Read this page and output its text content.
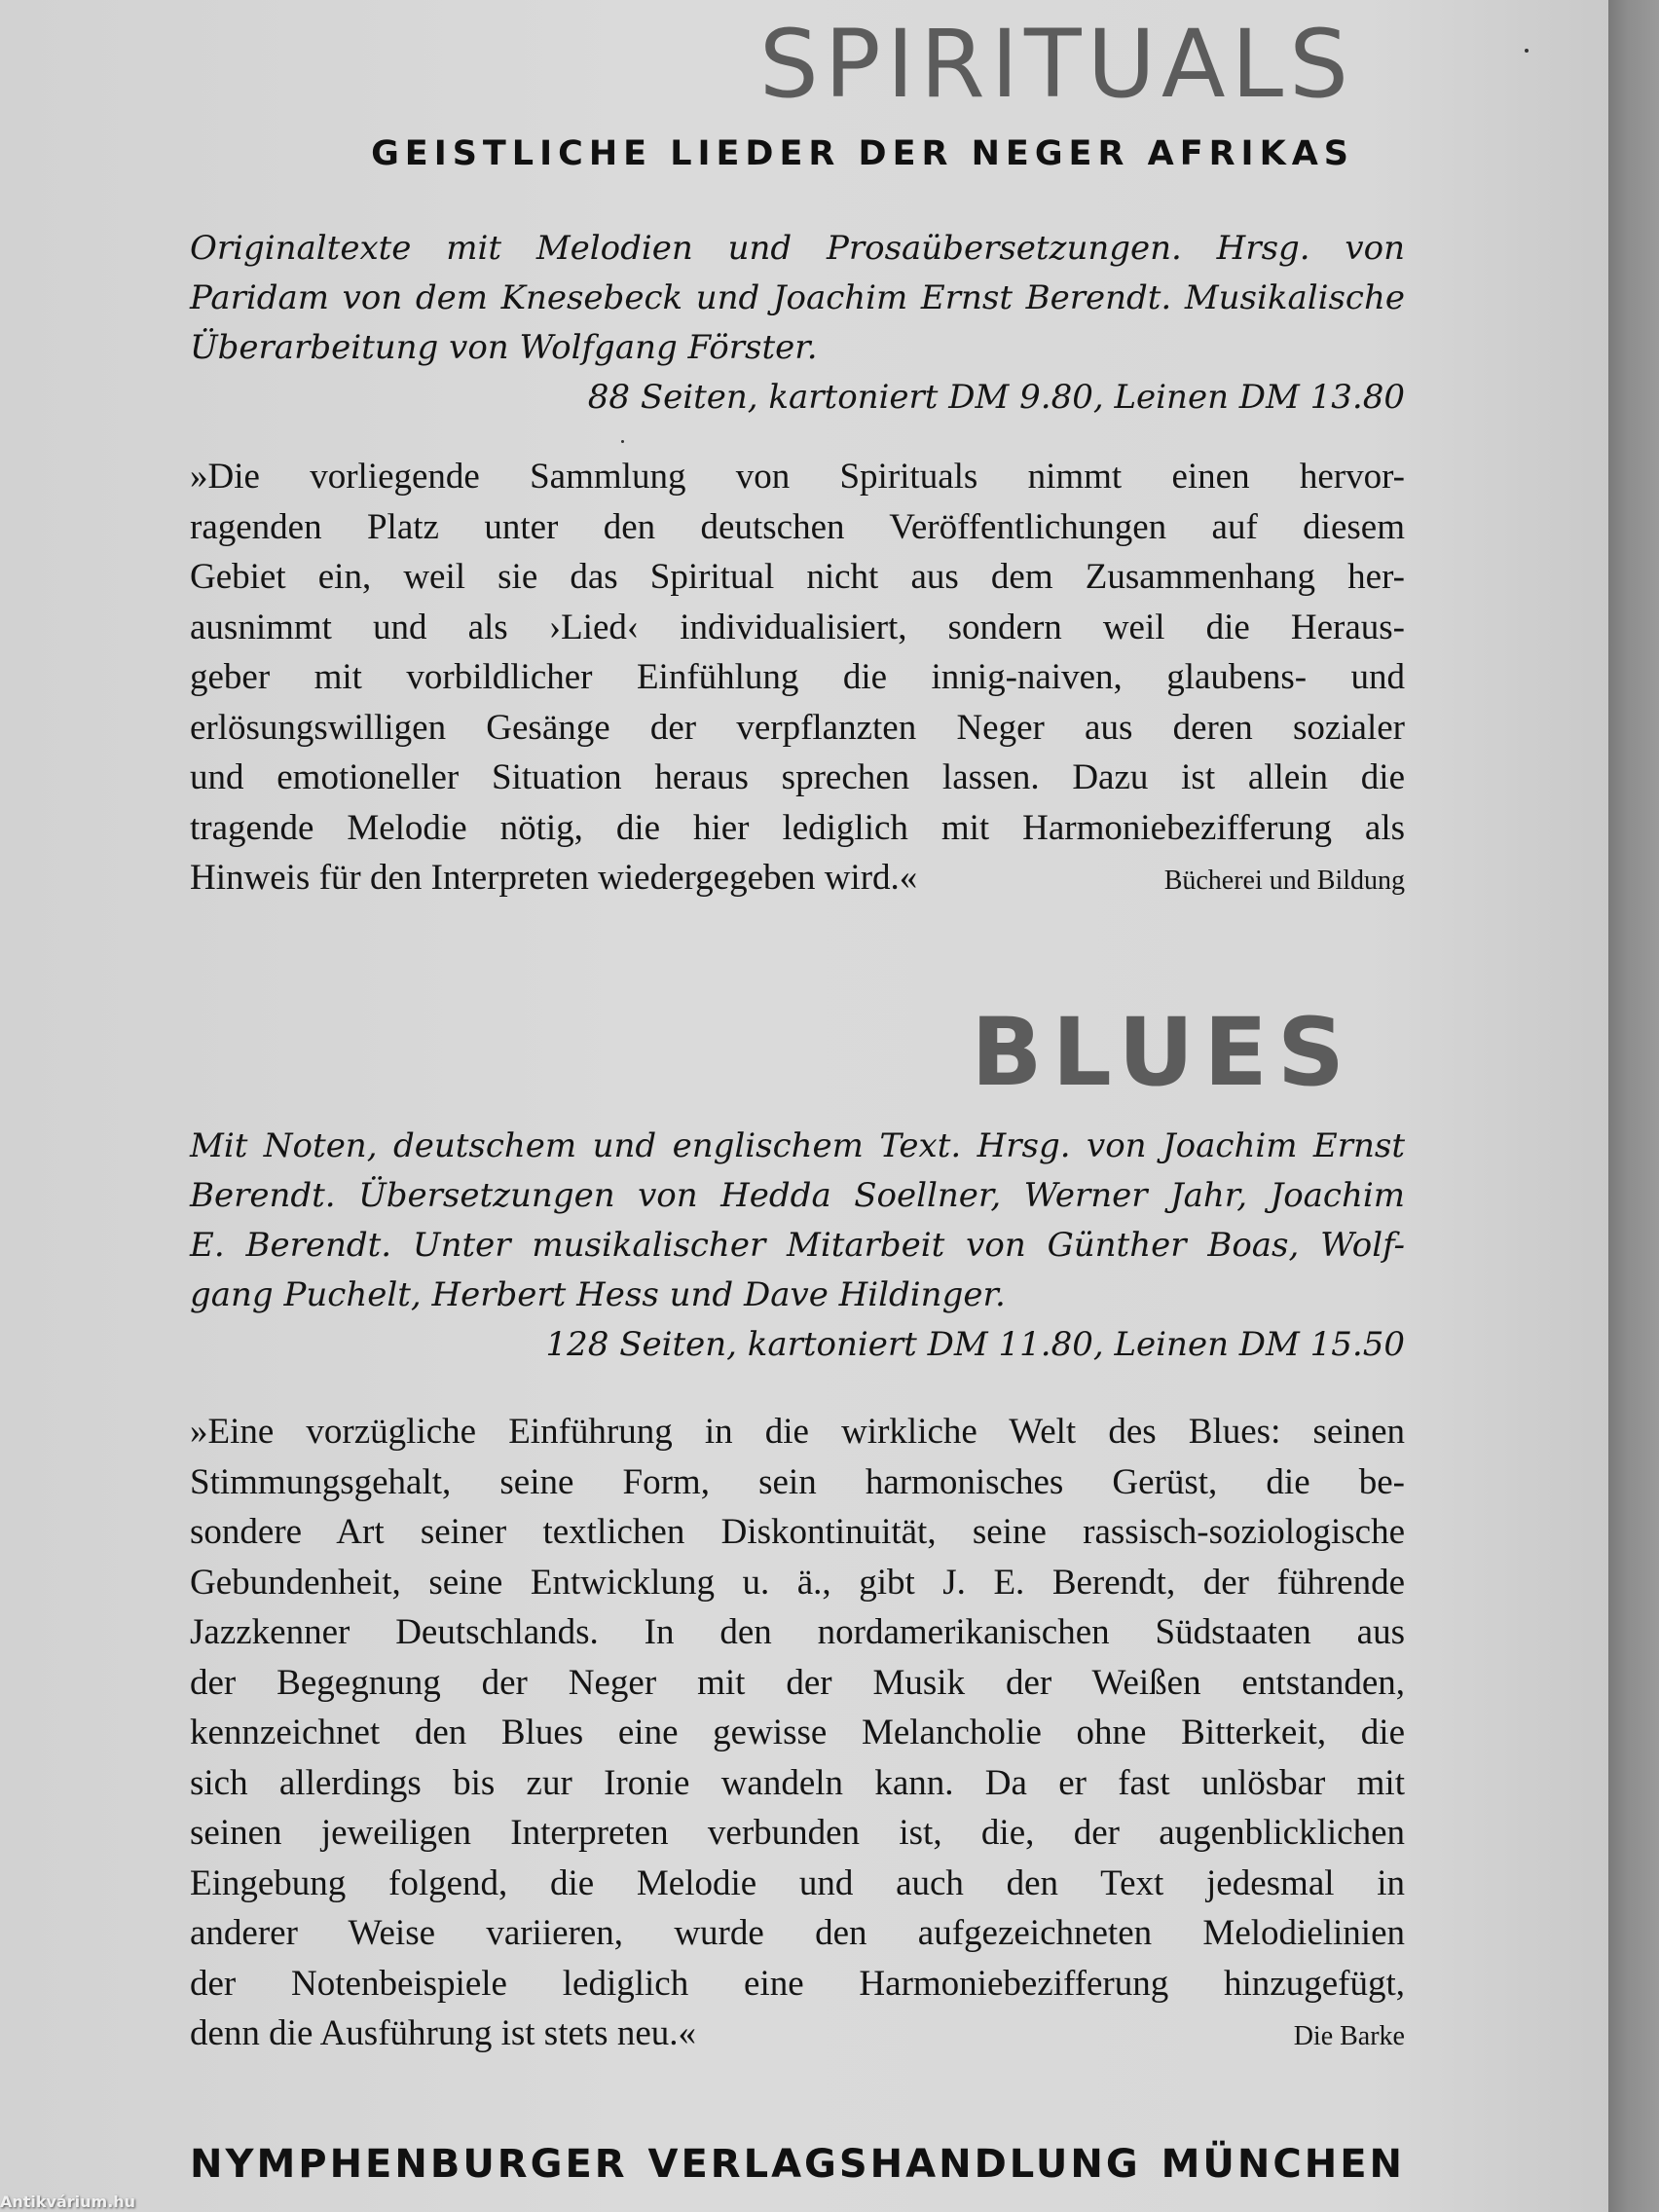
SPIRITUALS
GEISTLICHE LIEDER DER NEGER AFRIKAS
Originaltexte mit Melodien und Prosaübersetzungen. Hrsg. von
Paridam von dem Knesebeck und Joachim Ernst Berendt. Musikalische
Überarbeitung von Wolfgang Förster.
88 Seiten, kartoniert DM 9.80, Leinen DM 13.80
»Die vorliegende Sammlung von Spirituals nimmt einen hervor-
ragenden Platz unter den deutschen Veröffentlichungen auf diesem
Gebiet ein, weil sie das Spiritual nicht aus dem Zusammenhang her-
ausnimmt und als ›Lied‹ individualisiert, sondern weil die Heraus-
geber mit vorbildlicher Einfühlung die innig-naiven, glaubens- und
erlösungswilligen Gesänge der verpflanzten Neger aus deren sozialer
und emotioneller Situation heraus sprechen lassen. Dazu ist allein die
tragende Melodie nötig, die hier lediglich mit Harmoniebezifferung als
Hinweis für den Interpreten wiedergegeben wird.«	Bücherei und Bildung
BLUES
Mit Noten, deutschem und englischem Text. Hrsg. von Joachim Ernst
Berendt. Übersetzungen von Hedda Soellner, Werner Jahr, Joachim
E. Berendt. Unter musikalischer Mitarbeit von Günther Boas, Wolf-
gang Puchelt, Herbert Hess und Dave Hildinger.
128 Seiten, kartoniert DM 11.80, Leinen DM 15.50
»Eine vorzügliche Einführung in die wirkliche Welt des Blues: seinen
Stimmungsgehalt, seine Form, sein harmonisches Gerüst, die be-
sondere Art seiner textlichen Diskontinuität, seine rassisch-soziologische
Gebundenheit, seine Entwicklung u. ä., gibt J. E. Berendt, der führende
Jazzkenner Deutschlands. In den nordamerikanischen Südstaaten aus
der Begegnung der Neger mit der Musik der Weißen entstanden,
kennzeichnet den Blues eine gewisse Melancholie ohne Bitterkeit, die
sich allerdings bis zur Ironie wandeln kann. Da er fast unlösbar mit
seinen jeweiligen Interpreten verbunden ist, die, der augenblicklichen
Eingebung folgend, die Melodie und auch den Text jedesmal in
anderer Weise variieren, wurde den aufgezeichneten Melodielinien
der Notenbeispiele lediglich eine Harmoniebezifferung hinzugefügt,
denn die Ausführung ist stets neu.«	Die Barke
NYMPHENBURGER VERLAGSHANDLUNG MÜNCHEN
Antikvárium.hu
